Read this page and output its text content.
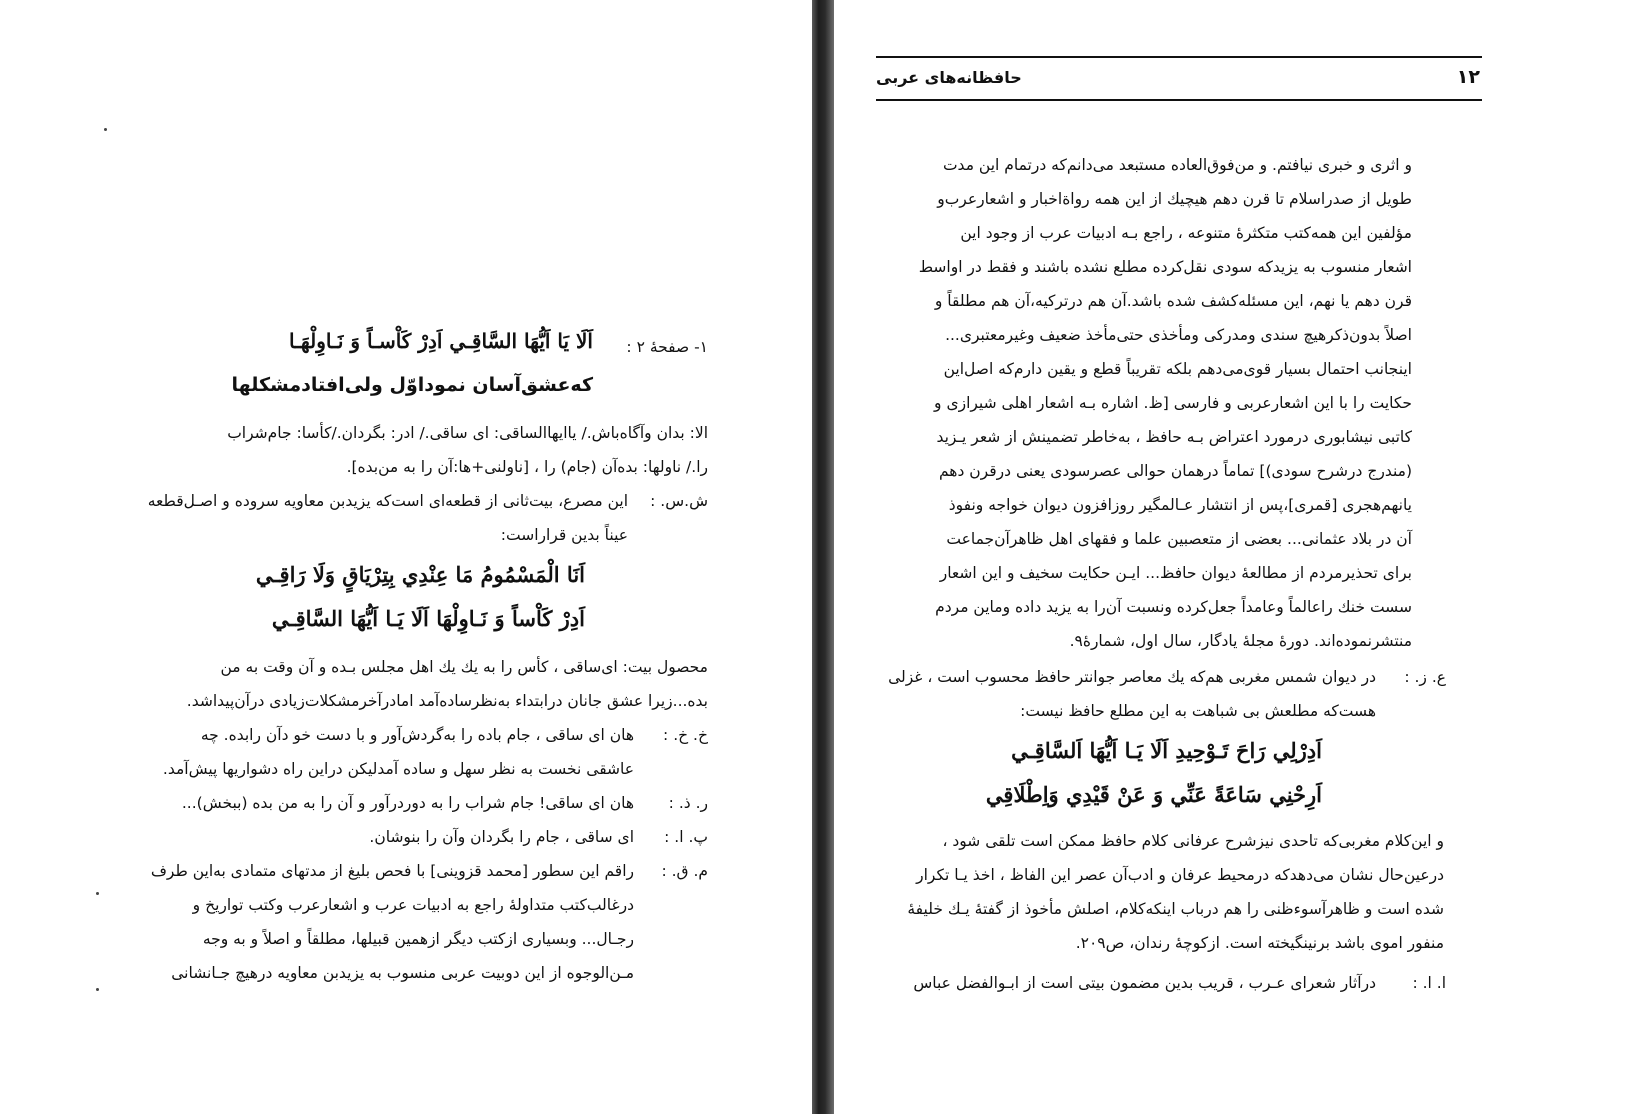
۱- صفحهٔ ۲ :
اَلَا يَا اَيُّهَا السَّاقِـي اَدِرْ كَاْسـاً وَ نَـاوِلْهَـا
که‌عشق‌آسان نموداوّل ولی‌افتادمشکلها
الا: بدان وآگاه‌باش./ یاایهاالساقی: ای ساقی./ ادر: بگردان./کأسا: جام‌شراب
را./ ناولها: بده‌آن (جام) را ، [ناولنی+ها:آن را به من‌بده].
ش.س. :
این مصرع، بیت‌ثانی از قطعه‌ای است‌که یزیدبن معاویه سروده و اصـل‌قطعه
عیناً بدین قراراست:
اَنَا الْمَسْمُومُ مَا عِنْدِي بِتِرْيَاقٍ وَلَا رَاقِـي
اَدِرْ كَاْساً وَ نَـاوِلْهَا اَلَا يَـا اَيُّهَا السَّاقِـي
محصول بیت: ای‌ساقی ، کأس را به یك یك اهل مجلس بـده و آن وقت به من
بده...زیرا عشق جانان درابتداء به‌نظرساده‌آمد امادرآخرمشکلات‌زیادی درآن‌پیداشد.
خ. خ. :
هان ای ساقی ، جام باده را به‌گردش‌آور و با دست خو دآن رابده. چه
عاشقی نخست به نظر سهل و ساده آمدلیکن دراین راه دشواریها پیش‌آمد.
ر. ذ. :
هان ای ساقی! جام شراب را به دوردرآور و آن را به من بده (ببخش)...
پ. ا. :
ای ساقی ، جام را بگردان وآن را بنوشان.
م. ق. :
راقم این سطور [محمد قزوینی] با فحص بلیغ از مدتهای متمادی به‌این طرف
درغالب‌کتب متداولهٔ راجع به ادبیات عرب و اشعارعرب وکتب تواریخ و
رجـال... وبسیاری ازکتب دیگر ازهمین قبیلها، مطلقاً و اصلاً و به وجه
مـن‌الوجوه از این دوبیت عربی منسوب به یزیدبن معاویه درهیچ جـانشانی
حافظانه‌های عربی	۱۲
و اثری و خبری نیافتم. و من‌فوق‌العاده مستبعد می‌دانم‌که درتمام این مدت
طویل از صدراسلام تا قرن دهم هیچیك از این همه رواة‌اخبار و اشعارعرب‌و
مؤلفین این همه‌کتب متکثرهٔ متنوعه ، راجع بـه ادبیات عرب از وجود این
اشعار منسوب به یزیدکه سودی نقل‌کرده مطلع نشده باشند و فقط در اواسط
قرن دهم یا نهم، این مسئله‌کشف شده باشد.آن هم درترکیه،آن هم مطلقاً و
اصلاً بدون‌ذکرهیچ سندی ومدرکی ومأخذی حتی‌مأخذ ضعیف وغیرمعتبری...
اینجانب احتمال بسیار قوی‌می‌دهم بلکه تقریباً قطع و یقین دارم‌که اصل‌این
حکایت را با این اشعارعربی و فارسی [ظ. اشاره بـه اشعار اهلی شیرازی و
کاتبی نیشابوری درمورد اعتراض بـه حافظ ، به‌خاطر تضمینش از شعر یـزید
(مندرج درشرح سودی)] تماماً درهمان حوالی عصرسودی یعنی درقرن دهم
یانهم‌هجری [قمری]،پس از انتشار عـالمگیر روزافزون دیوان خواجه ونفوذ
آن در بلاد عثمانی... بعضی از متعصبین علما و فقهای اهل ظاهرآن‌جماعت
برای تحذیرمردم از مطالعهٔ دیوان حافظ... ایـن حکایت سخیف و این اشعار
سست خنك راعالماً وعامداً جعل‌کرده ونسبت آن‌را به یزید داده وماین مردم
منتشرنموده‌اند. دورهٔ مجلهٔ یادگار، سال اول، شمارهٔ۹.
ع. ز. :
در دیوان شمس مغربی هم‌که یك معاصر جوانتر حافظ محسوب است ، غزلی
هست‌که مطلعش بی شباهت به این مطلع حافظ نیست:
اَدِرْلِي رَاحَ تَـوْحِيدِ اَلَا يَـا اَيُّهَا اَلسَّاقِـي
اَرِحْنِي سَاعَةً عَنِّي وَ عَنْ قَيْدِي وَاِطْلَاقِي
و این‌کلام مغربی‌که تاحدی نیزشرح عرفانی کلام حافظ ممکن است تلقی شود ،
درعین‌حال نشان می‌دهدکه درمحیط عرفان و ادب‌آن عصر این الفاظ ، اخذ یـا تکرار
شده است و ظاهرآسوءظنی را هم درباب اینکه‌کلام، اصلش مأخوذ از گفتهٔ یـك خلیفهٔ
منفور اموی باشد برنینگیخته است. ازکوچهٔ رندان، ص۲۰۹.
ا. ا. :
درآثار شعرای عـرب ، قریب بدین مضمون بیتی است از ابـوالفضل عباس
